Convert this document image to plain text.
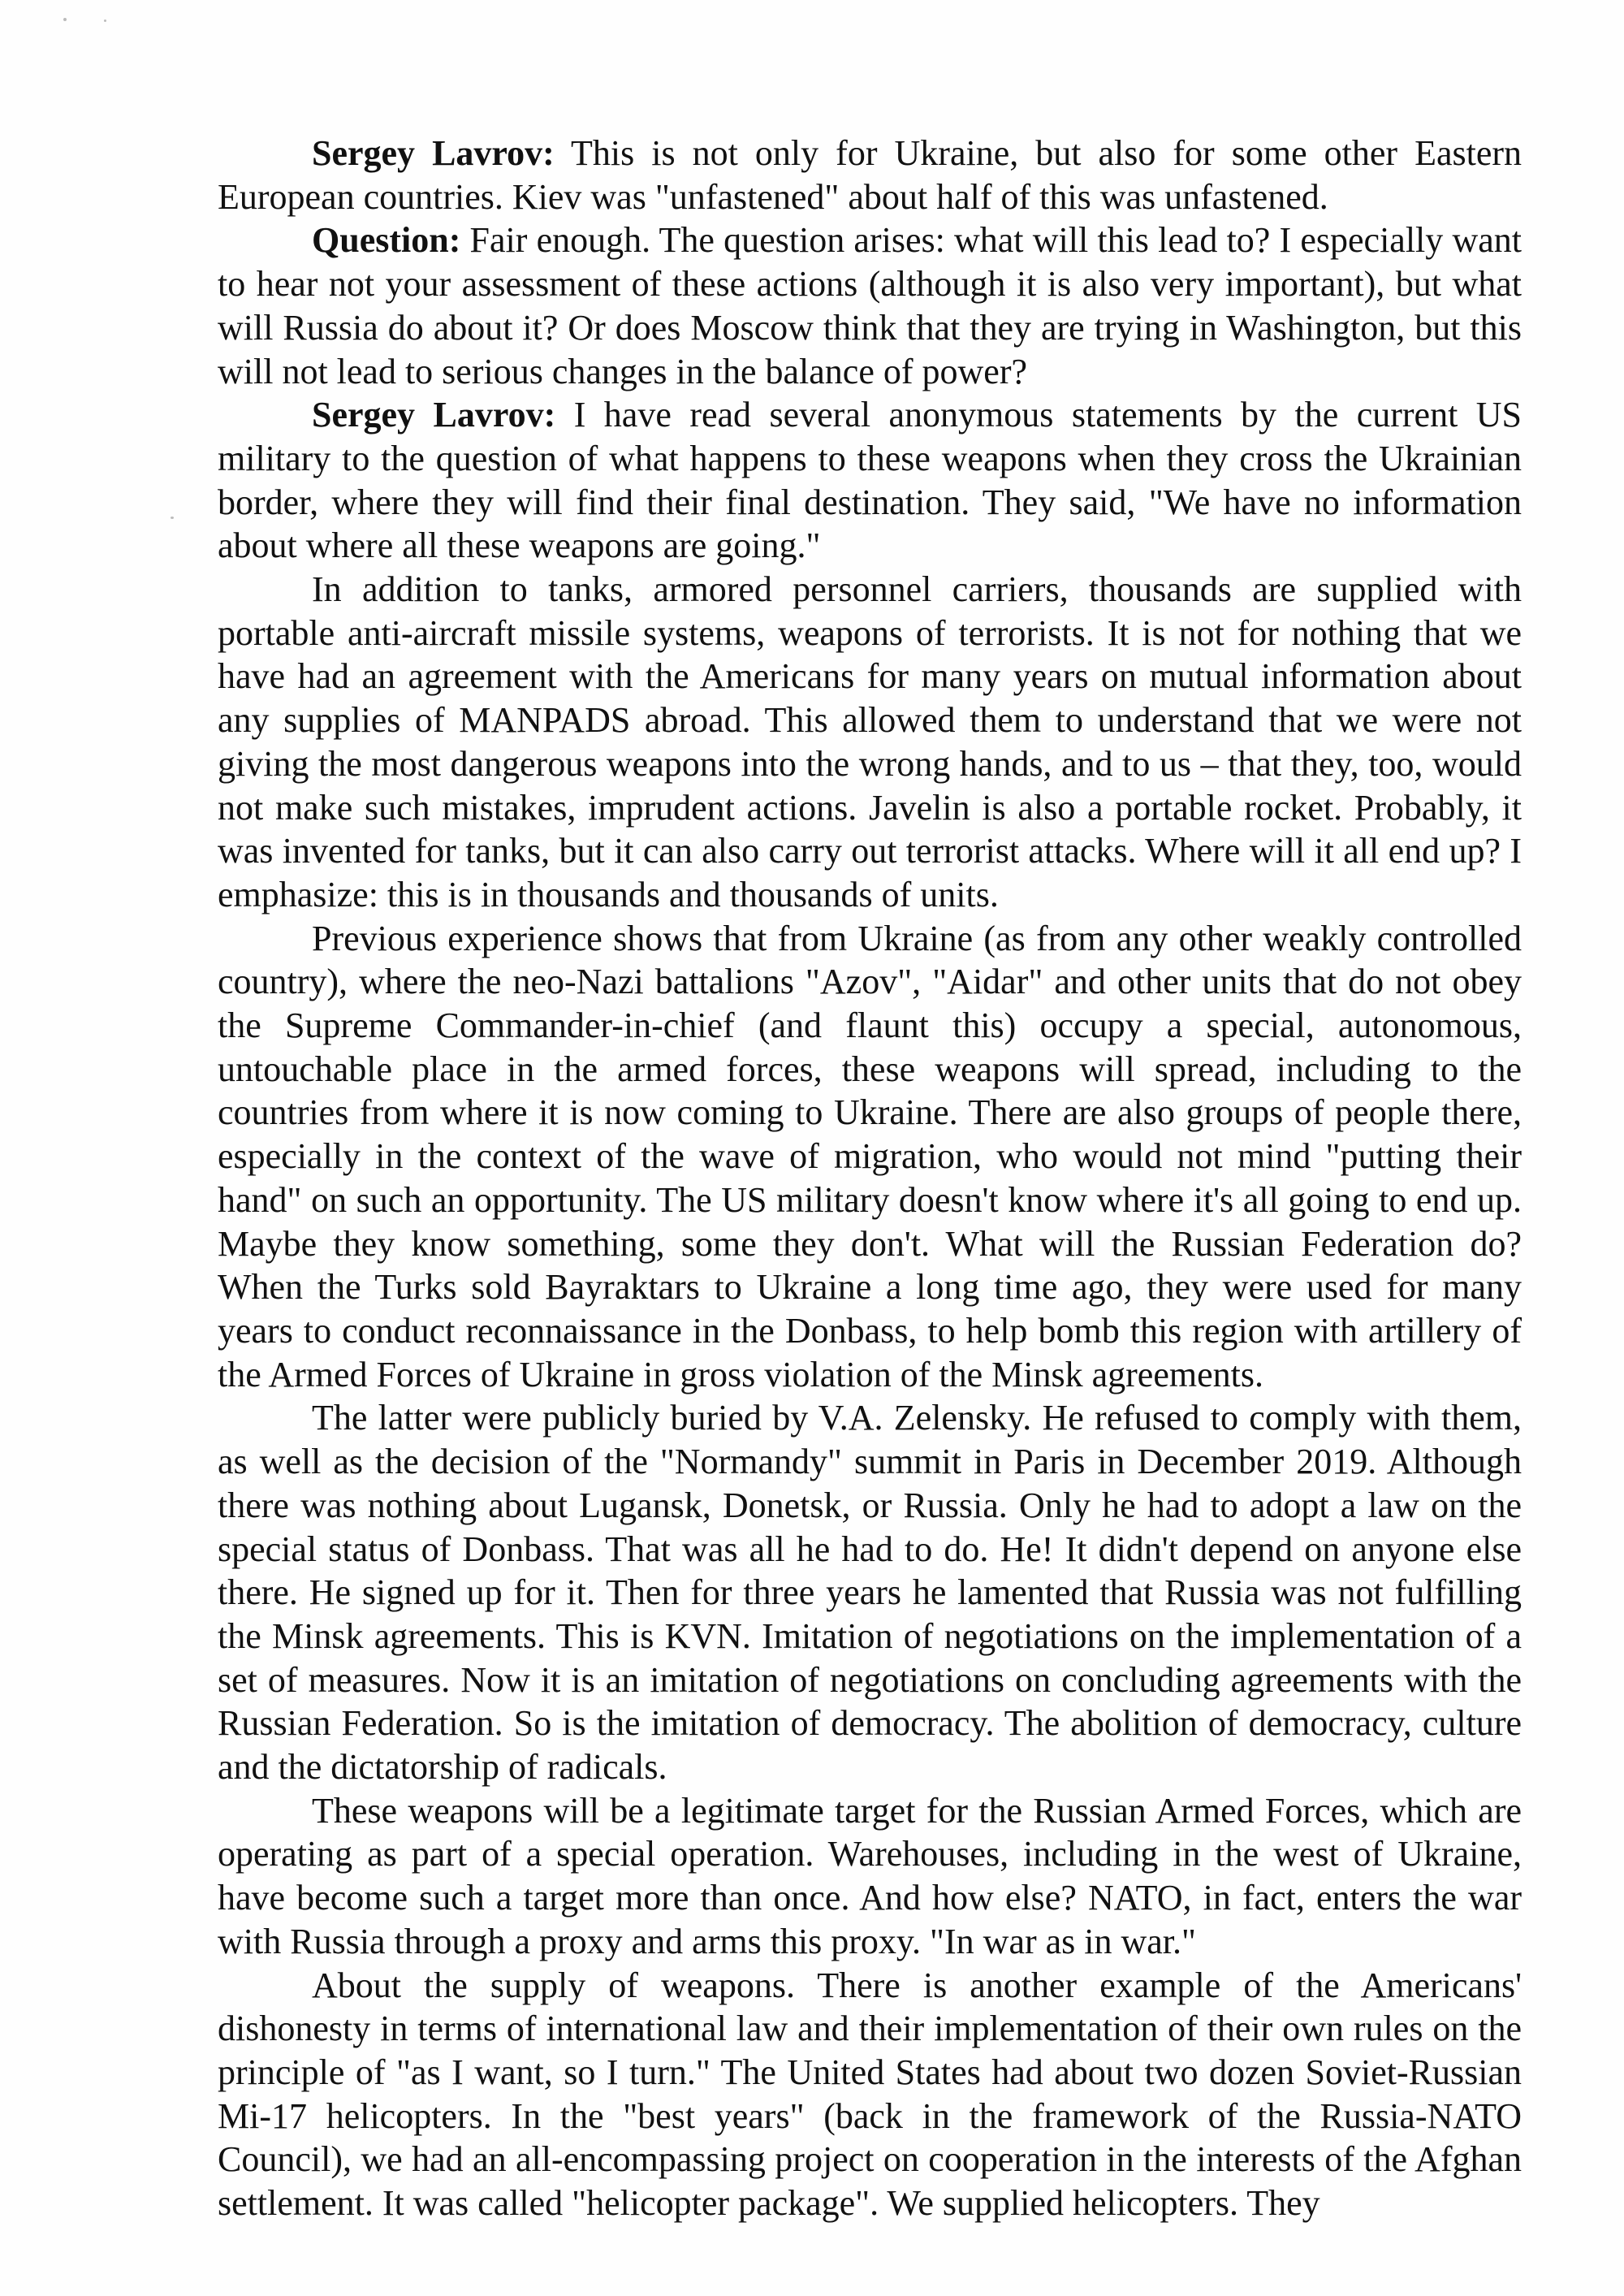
Sergey Lavrov: This is not only for Ukraine, but also for some other Eastern European countries. Kiev was "unfastened" about half of this was unfastened.

Question: Fair enough. The question arises: what will this lead to? I especially want to hear not your assessment of these actions (although it is also very important), but what will Russia do about it? Or does Moscow think that they are trying in Washington, but this will not lead to serious changes in the balance of power?

Sergey Lavrov: I have read several anonymous statements by the current US military to the question of what happens to these weapons when they cross the Ukrainian border, where they will find their final destination. They said, "We have no information about where all these weapons are going."

In addition to tanks, armored personnel carriers, thousands are supplied with portable anti-aircraft missile systems, weapons of terrorists. It is not for nothing that we have had an agreement with the Americans for many years on mutual information about any supplies of MANPADS abroad. This allowed them to understand that we were not giving the most dangerous weapons into the wrong hands, and to us – that they, too, would not make such mistakes, imprudent actions. Javelin is also a portable rocket. Probably, it was invented for tanks, but it can also carry out terrorist attacks. Where will it all end up? I emphasize: this is in thousands and thousands of units.

Previous experience shows that from Ukraine (as from any other weakly controlled country), where the neo-Nazi battalions "Azov", "Aidar" and other units that do not obey the Supreme Commander-in-chief (and flaunt this) occupy a special, autonomous, untouchable place in the armed forces, these weapons will spread, including to the countries from where it is now coming to Ukraine. There are also groups of people there, especially in the context of the wave of migration, who would not mind "putting their hand" on such an opportunity. The US military doesn't know where it's all going to end up. Maybe they know something, some they don't. What will the Russian Federation do? When the Turks sold Bayraktars to Ukraine a long time ago, they were used for many years to conduct reconnaissance in the Donbass, to help bomb this region with artillery of the Armed Forces of Ukraine in gross violation of the Minsk agreements.

The latter were publicly buried by V.A. Zelensky. He refused to comply with them, as well as the decision of the "Normandy" summit in Paris in December 2019. Although there was nothing about Lugansk, Donetsk, or Russia. Only he had to adopt a law on the special status of Donbass. That was all he had to do. He! It didn't depend on anyone else there. He signed up for it. Then for three years he lamented that Russia was not fulfilling the Minsk agreements. This is KVN. Imitation of negotiations on the implementation of a set of measures. Now it is an imitation of negotiations on concluding agreements with the Russian Federation. So is the imitation of democracy. The abolition of democracy, culture and the dictatorship of radicals.

These weapons will be a legitimate target for the Russian Armed Forces, which are operating as part of a special operation. Warehouses, including in the west of Ukraine, have become such a target more than once. And how else? NATO, in fact, enters the war with Russia through a proxy and arms this proxy. "In war as in war."

About the supply of weapons. There is another example of the Americans' dishonesty in terms of international law and their implementation of their own rules on the principle of "as I want, so I turn." The United States had about two dozen Soviet-Russian Mi-17 helicopters. In the "best years" (back in the framework of the Russia-NATO Council), we had an all-encompassing project on cooperation in the interests of the Afghan settlement. It was called "helicopter package". We supplied helicopters. They
